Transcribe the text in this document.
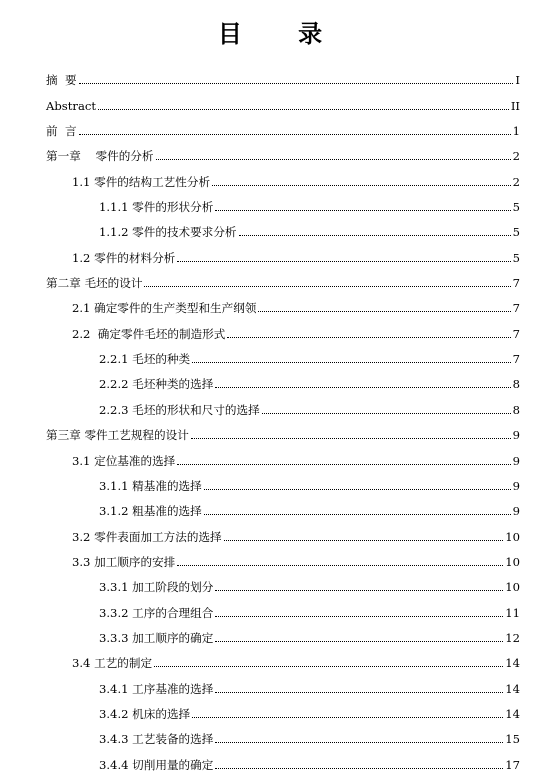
目 录
摘  要	I
Abstract	II
前  言	1
第一章    零件的分析	2
1.1 零件的结构工艺性分析	2
1.1.1 零件的形状分析	5
1.1.2 零件的技术要求分析	5
1.2 零件的材料分析	5
第二章 毛坯的设计	7
2.1 确定零件的生产类型和生产纲领	7
2.2  确定零件毛坯的制造形式	7
2.2.1 毛坯的种类	7
2.2.2 毛坯种类的选择	8
2.2.3 毛坯的形状和尺寸的选择	8
第三章 零件工艺规程的设计	9
3.1 定位基准的选择	9
3.1.1 精基准的选择	9
3.1.2 粗基准的选择	9
3.2 零件表面加工方法的选择	10
3.3 加工顺序的安排	10
3.3.1 加工阶段的划分	10
3.3.2 工序的合理组合	11
3.3.3 加工顺序的确定	12
3.4 工艺的制定	14
3.4.1 工序基准的选择	14
3.4.2 机床的选择	14
3.4.3 工艺装备的选择	15
3.4.4 切削用量的确定	17
